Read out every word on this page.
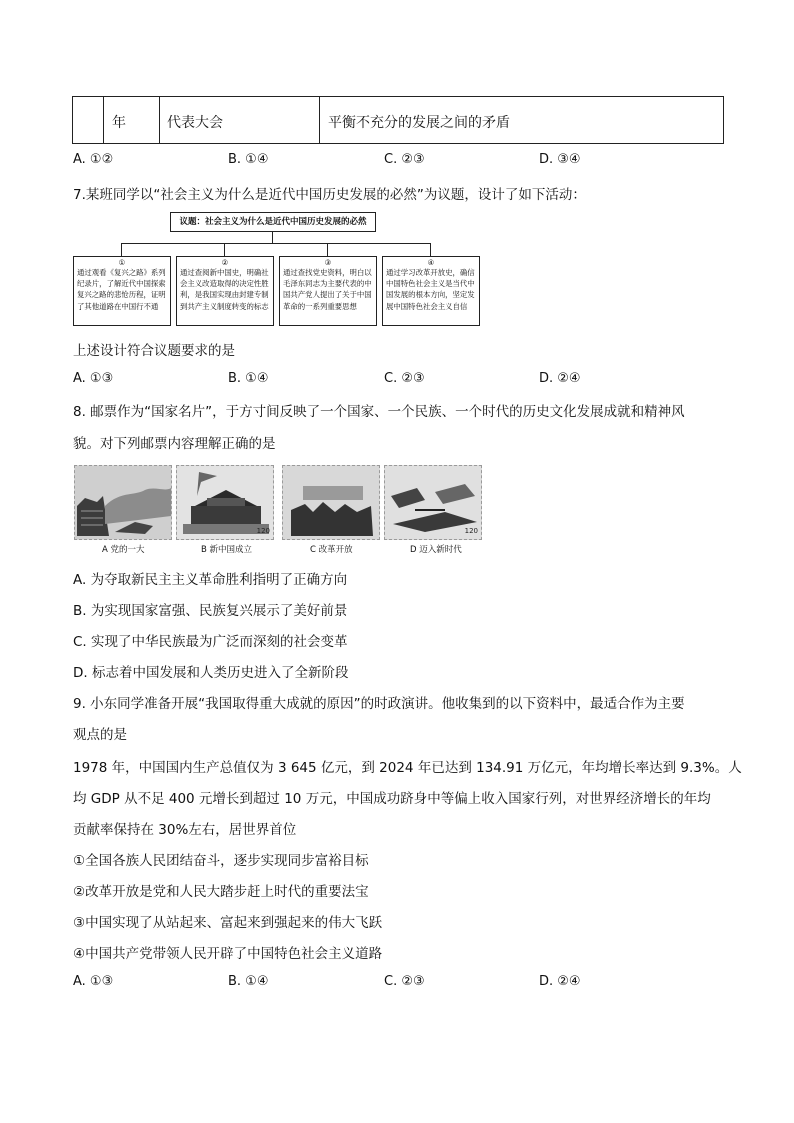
年	代表大会	平衡不充分的发展之间的矛盾
A. ①②	B. ①④	C. ②③	D. ③④
7.某班同学以“社会主义为什么是近代中国历史发展的必然”为议题，设计了如下活动：
议题：社会主义为什么是近代中国历史发展的必然
①
通过观看《复兴之路》系列纪录片，了解近代中国探索复兴之路的悲怆历程，证明了其他道路在中国行不通
②
通过查阅新中国史，明确社会主义改造取得的决定性胜利，是我国实现由封建专制到共产主义制度转变的标志
③
通过查找党史资料，明白以毛泽东同志为主要代表的中国共产党人提出了关于中国革命的一系列重要思想
④
通过学习改革开放史，确信中国特色社会主义是当代中国发展的根本方向，坚定发展中国特色社会主义自信
上述设计符合议题要求的是
A. ①③	B. ①④	C. ②③	D. ②④
8. 邮票作为“国家名片”，于方寸间反映了一个国家、一个民族、一个时代的历史文化发展成就和精神风
貌。对下列邮票内容理解正确的是
A 党的一大
120
B 新中国成立	C 改革开放
120
D 迈入新时代
A. 为夺取新民主主义革命胜利指明了正确方向
B. 为实现国家富强、民族复兴展示了美好前景
C. 实现了中华民族最为广泛而深刻的社会变革
D. 标志着中国发展和人类历史进入了全新阶段
9. 小东同学准备开展“我国取得重大成就的原因”的时政演讲。他收集到的以下资料中，最适合作为主要
观点的是
1978 年，中国国内生产总值仅为 3 645 亿元，到 2024 年已达到 134.91 万亿元，年均增长率达到 9.3%。人
均 GDP 从不足 400 元增长到超过 10 万元，中国成功跻身中等偏上收入国家行列，对世界经济增长的年均
贡献率保持在 30%左右，居世界首位
①全国各族人民团结奋斗，逐步实现同步富裕目标
②改革开放是党和人民大踏步赶上时代的重要法宝
③中国实现了从站起来、富起来到强起来的伟大飞跃
④中国共产党带领人民开辟了中国特色社会主义道路
A. ①③	B. ①④	C. ②③	D. ②④
